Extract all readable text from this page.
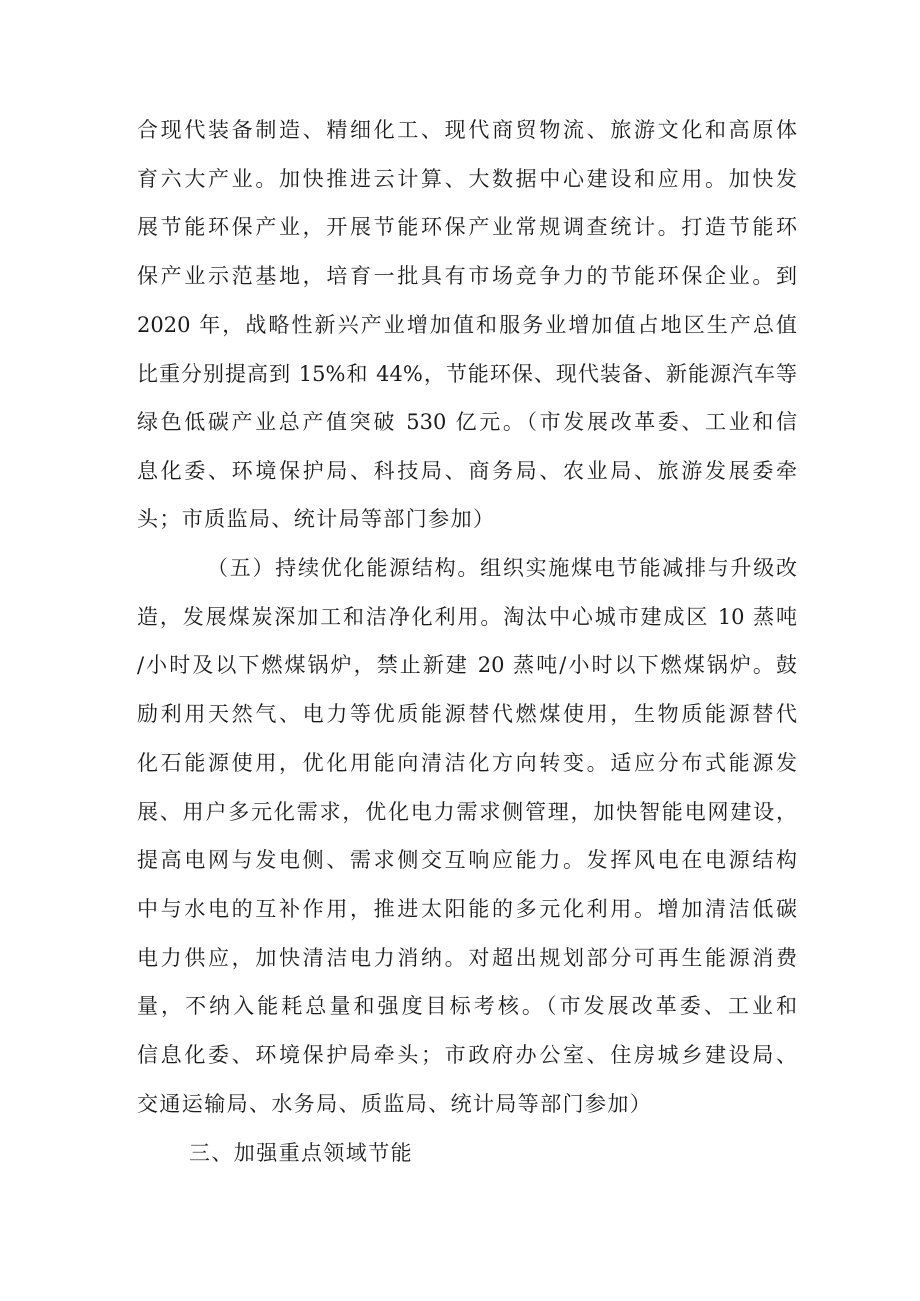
合现代装备制造、精细化工、现代商贸物流、旅游文化和高原体
育六大产业。加快推进云计算、大数据中心建设和应用。加快发
展节能环保产业，开展节能环保产业常规调查统计。打造节能环
保产业示范基地，培育一批具有市场竞争力的节能环保企业。到
2020 年，战略性新兴产业增加值和服务业增加值占地区生产总值
比重分别提高到 15%和 44%，节能环保、现代装备、新能源汽车等
绿色低碳产业总产值突破 530 亿元。（市发展改革委、工业和信
息化委、环境保护局、科技局、商务局、农业局、旅游发展委牵
头；市质监局、统计局等部门参加）
（五）持续优化能源结构。组织实施煤电节能减排与升级改
造，发展煤炭深加工和洁净化利用。淘汰中心城市建成区 10 蒸吨
/小时及以下燃煤锅炉，禁止新建 20 蒸吨/小时以下燃煤锅炉。鼓
励利用天然气、电力等优质能源替代燃煤使用，生物质能源替代
化石能源使用，优化用能向清洁化方向转变。适应分布式能源发
展、用户多元化需求，优化电力需求侧管理，加快智能电网建设，
提高电网与发电侧、需求侧交互响应能力。发挥风电在电源结构
中与水电的互补作用，推进太阳能的多元化利用。增加清洁低碳
电力供应，加快清洁电力消纳。对超出规划部分可再生能源消费
量，不纳入能耗总量和强度目标考核。（市发展改革委、工业和
信息化委、环境保护局牵头；市政府办公室、住房城乡建设局、
交通运输局、水务局、质监局、统计局等部门参加）
三、加强重点领域节能
